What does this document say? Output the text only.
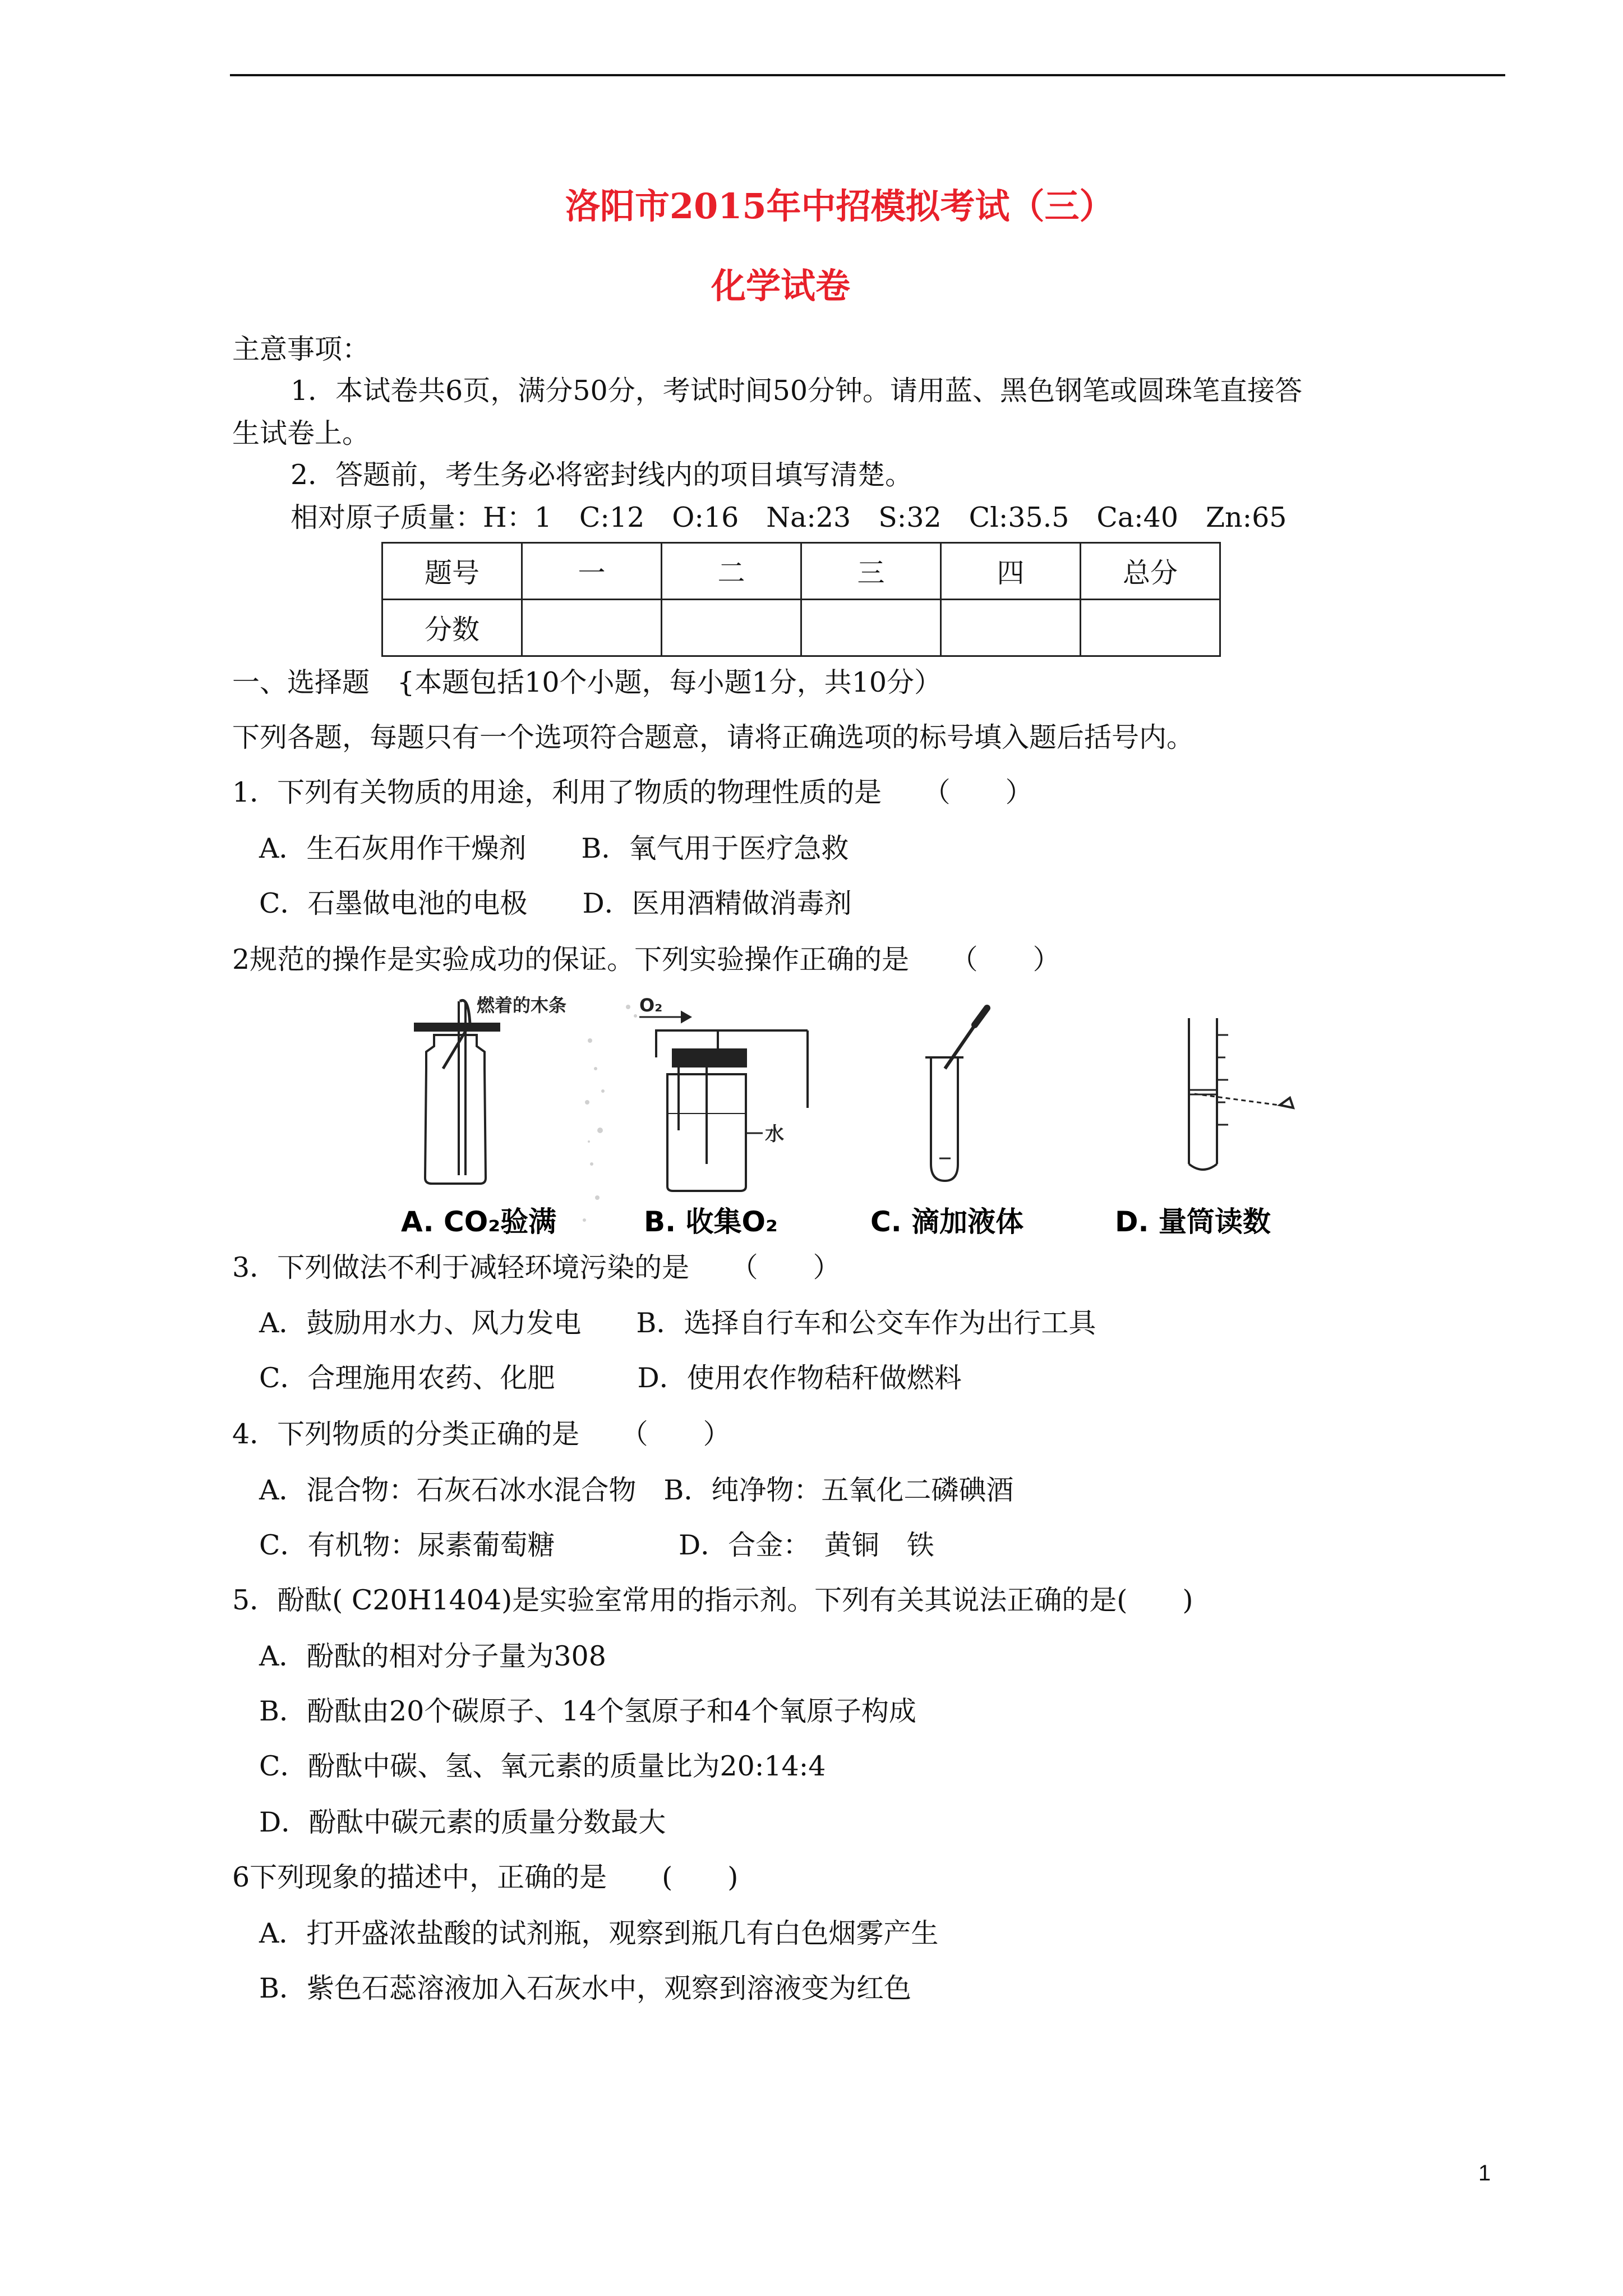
洛阳市2015年中招模拟考试（三）
化学试卷
主意事项：
1．本试卷共6页，满分50分，考试时间50分钟。请用蓝、黑色钢笔或圆珠笔直接答
生试卷上。
2．答题前，考生务必将密封线内的项目填写清楚。
相对原子质量：H：1　C:12　O:16　Na:23　S:32　Cl:35.5　Ca:40　Zn:65
题号	一	二	三	四	总分
分数					
一、选择题　{本题包括10个小题，每小题1分，共10分）
下列各题，每题只有一个选项符合题意，请将正确选项的标号填入题后括号内。
1．下列有关物质的用途，利用了物质的物理性质的是　　（　　）
A．生石灰用作干燥剂　　B．氧气用于医疗急救
C．石墨做电池的电极　　D．医用酒精做消毒剂
2规范的操作是实验成功的保证。下列实验操作正确的是　　（　　）
燃着的木条
水
O₂
A. CO₂验满	B. 收集O₂	C. 滴加液体	D. 量筒读数
3．下列做法不利于减轻环境污染的是　　（　　）
A．鼓励用水力、风力发电　　B．选择自行车和公交车作为出行工具
C．合理施用农药、化肥　　　D．使用农作物秸秆做燃料
4．下列物质的分类正确的是　　（　　）
A．混合物：石灰石冰水混合物　B．纯净物：五氧化二磷碘酒
C．有机物：尿素葡萄糖	D．合金：　黄铜　铁
5．酚酞( C20H1404)是实验室常用的指示剂。下列有关其说法正确的是(　　)
A．酚酞的相对分子量为308
B．酚酞由20个碳原子、14个氢原子和4个氧原子构成
C．酚酞中碳、氢、氧元素的质量比为20:14:4
D．酚酞中碳元素的质量分数最大
6下列现象的描述中，正确的是　　(　　)
A．打开盛浓盐酸的试剂瓶，观察到瓶几有白色烟雾产生
B．紫色石蕊溶液加入石灰水中，观察到溶液变为红色
1
